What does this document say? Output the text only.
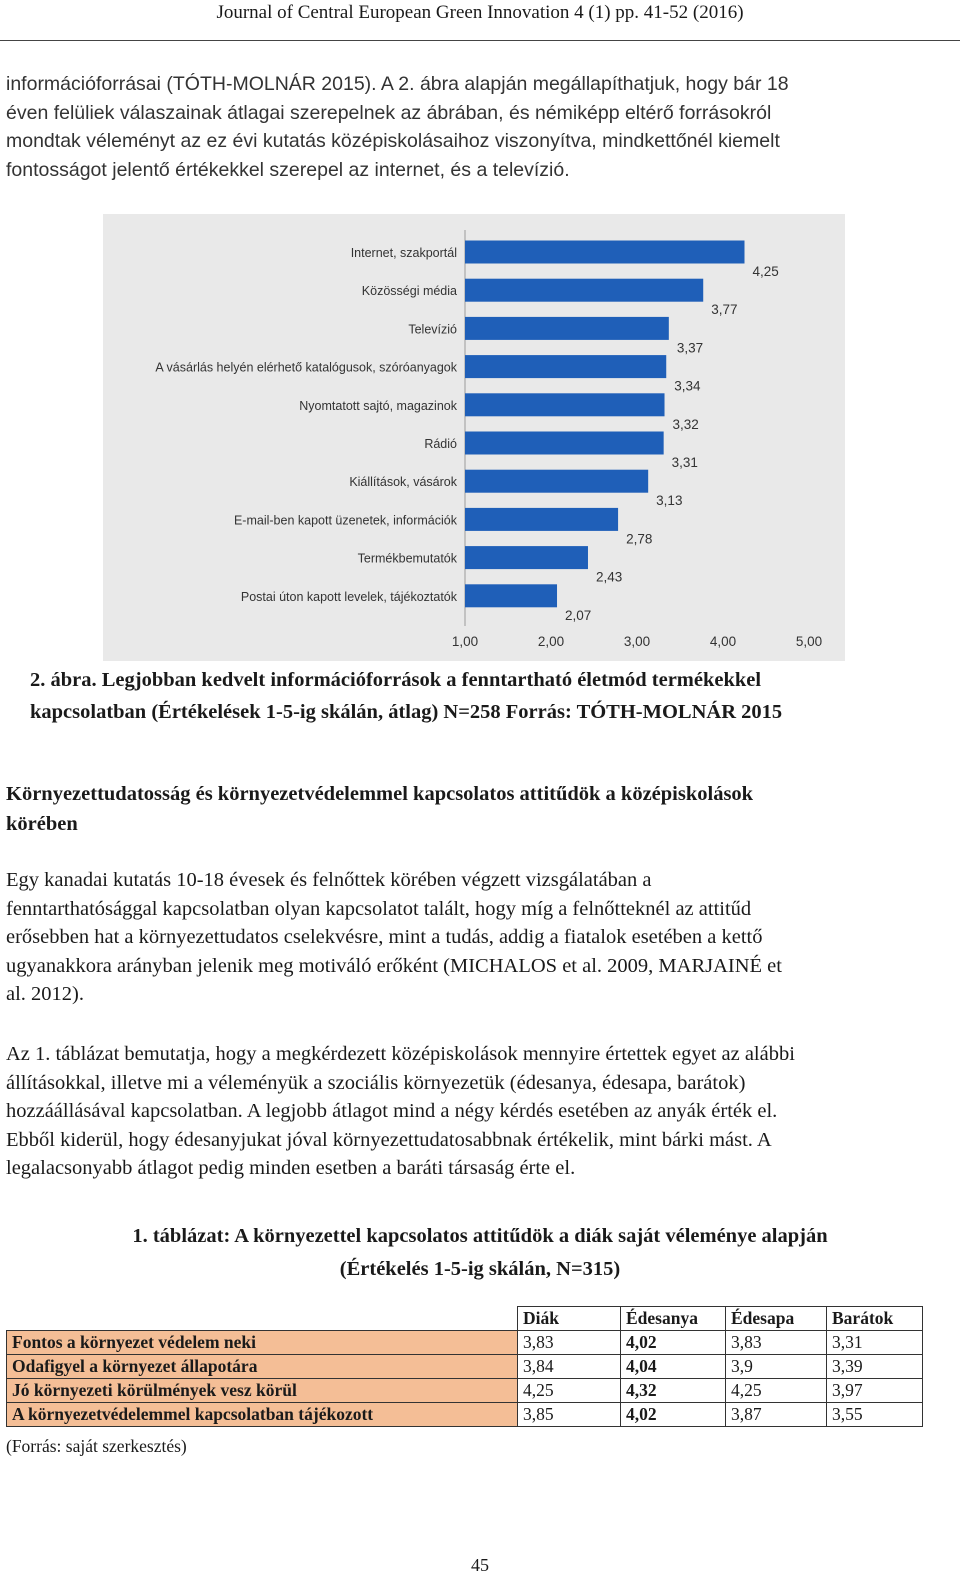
Journal of Central European Green Innovation 4 (1) pp. 41-52 (2016)

információforrásai (TÓTH-MOLNÁR 2015). A 2. ábra alapján megállapíthatjuk, hogy bár 18

éven felüliek válaszainak átlagai szerepelnek az ábrában, és némiképp eltérő forrásokról

mondtak véleményt az ez évi kutatás középiskolásaihoz viszonyítva, mindkettőnél kiemelt

fontosságot jelentő értékekkel szerepel az internet, és a televízió.

Internet, szakportál
4,25
Közösségi média
3,77
Televízió
3,37
A vásárlás helyén elérhető katalógusok, szóróanyagok
3,34
Nyomtatott sajtó, magazinok
3,32
Rádió
3,31
Kiállítások, vásárok
3,13
E-mail-ben kapott üzenetek, információk
2,78
Termékbemutatók
2,43
Postai úton kapott levelek, tájékoztatók
2,07
1,00	2,00	3,00	4,00	5,00

2. ábra. Legjobban kedvelt információforrások a fenntartható életmód termékekkel

kapcsolatban (Értékelések 1-5-ig skálán, átlag) N=258 Forrás: TÓTH-MOLNÁR 2015

Környezettudatosság és környezetvédelemmel kapcsolatos attitűdök a középiskolások

körében

Egy kanadai kutatás 10-18 évesek és felnőttek körében végzett vizsgálatában a

fenntarthatósággal kapcsolatban olyan kapcsolatot talált, hogy míg a felnőtteknél az attitűd

erősebben hat a környezettudatos cselekvésre, mint a tudás, addig a fiatalok esetében a kettő

ugyanakkora arányban jelenik meg motiváló erőként (MICHALOS et al. 2009, MARJAINÉ et

al. 2012).

Az 1. táblázat bemutatja, hogy a megkérdezett középiskolások mennyire értettek egyet az alábbi

állításokkal, illetve mi a véleményük a szociális környezetük (édesanya, édesapa, barátok)

hozzáállásával kapcsolatban. A legjobb átlagot mind a négy kérdés esetében az anyák érték el.

Ebből kiderül, hogy édesanyjukat jóval környezettudatosabbnak értékelik, mint bárki mást. A

legalacsonyabb átlagot pedig minden esetben a baráti társaság érte el.

1. táblázat: A környezettel kapcsolatos attitűdök a diák saját véleménye alapján

(Értékelés 1-5-ig skálán, N=315)

	Diák	Édesanya	Édesapa	Barátok
Fontos a környezet védelem neki	3,83	4,02	3,83	3,31
Odafigyel a környezet állapotára	3,84	4,04	3,9	3,39
Jó környezeti körülmények vesz körül	4,25	4,32	4,25	3,97
A környezetvédelemmel kapcsolatban tájékozott	3,85	4,02	3,87	3,55
(Forrás: saját szerkesztés)
45
